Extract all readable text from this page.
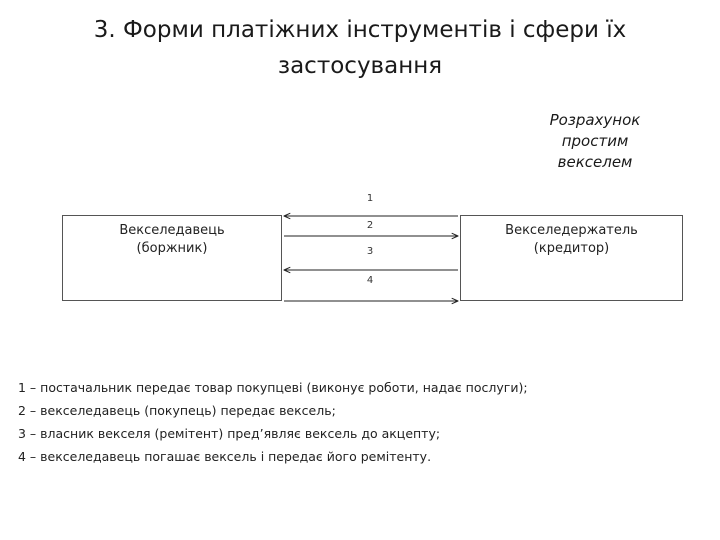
3. Форми платіжних інструментів і сфери їх
застосування
Розрахунок
простим
векселем
Векселедавець
(боржник)
Векселедержатель
(кредитор)
1
2
3
4
1 – постачальник передає товар покупцеві (виконує роботи, надає послуги);
2 – векселедавець (покупець) передає вексель;
3 – власник векселя (ремітент) пред’являє вексель до акцепту;
4 – векселедавець погашає вексель і передає його ремітенту.
